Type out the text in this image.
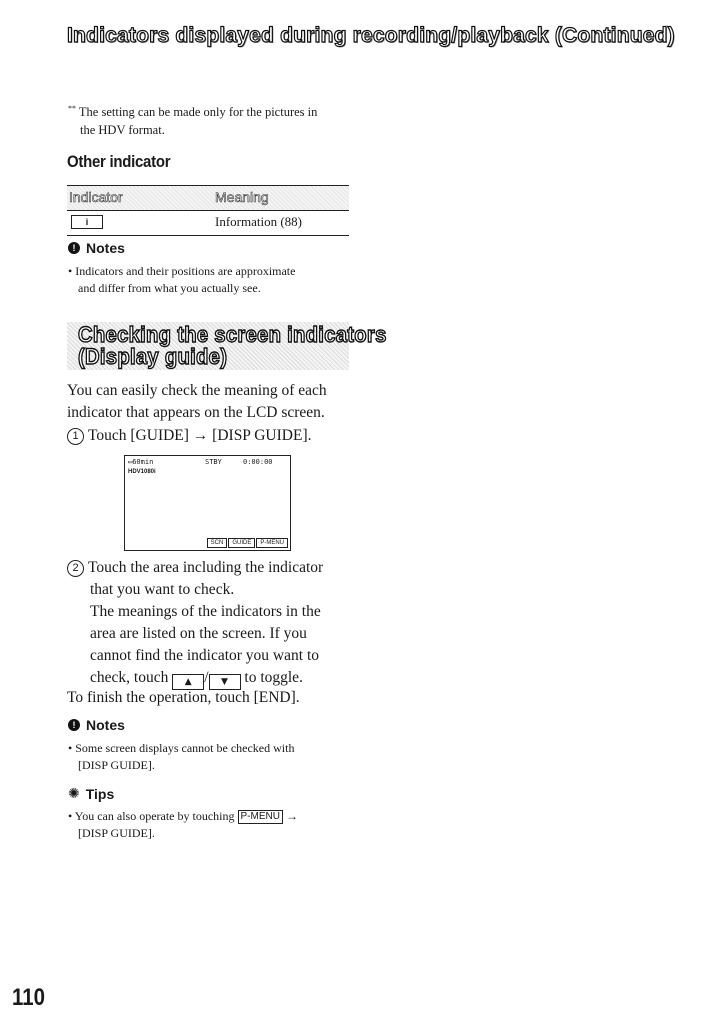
Indicators displayed during recording/playback (Continued)
** The setting can be made only for the pictures in
the HDV format.
Other indicator
Indicator	Meaning
i	Information (88)
! Notes
• Indicators and their positions are approximate
and differ from what you actually see.
Checking the screen indicators
(Display guide)
You can easily check the meaning of each
indicator that appears on the LCD screen.
1 Touch [GUIDE] → [DISP GUIDE].
▭60min	STBY	0:00:00
HDV1080i
SCN	GUIDE	P-MENU
2 Touch the area including the indicator
that you want to check.
The meanings of the indicators in the
area are listed on the screen. If you
cannot find the indicator you want to
check, touch ▲ / ▼ to toggle.
To finish the operation, touch [END].
! Notes
• Some screen displays cannot be checked with
[DISP GUIDE].
✺ Tips
• You can also operate by touching P-MENU →
[DISP GUIDE].
110
